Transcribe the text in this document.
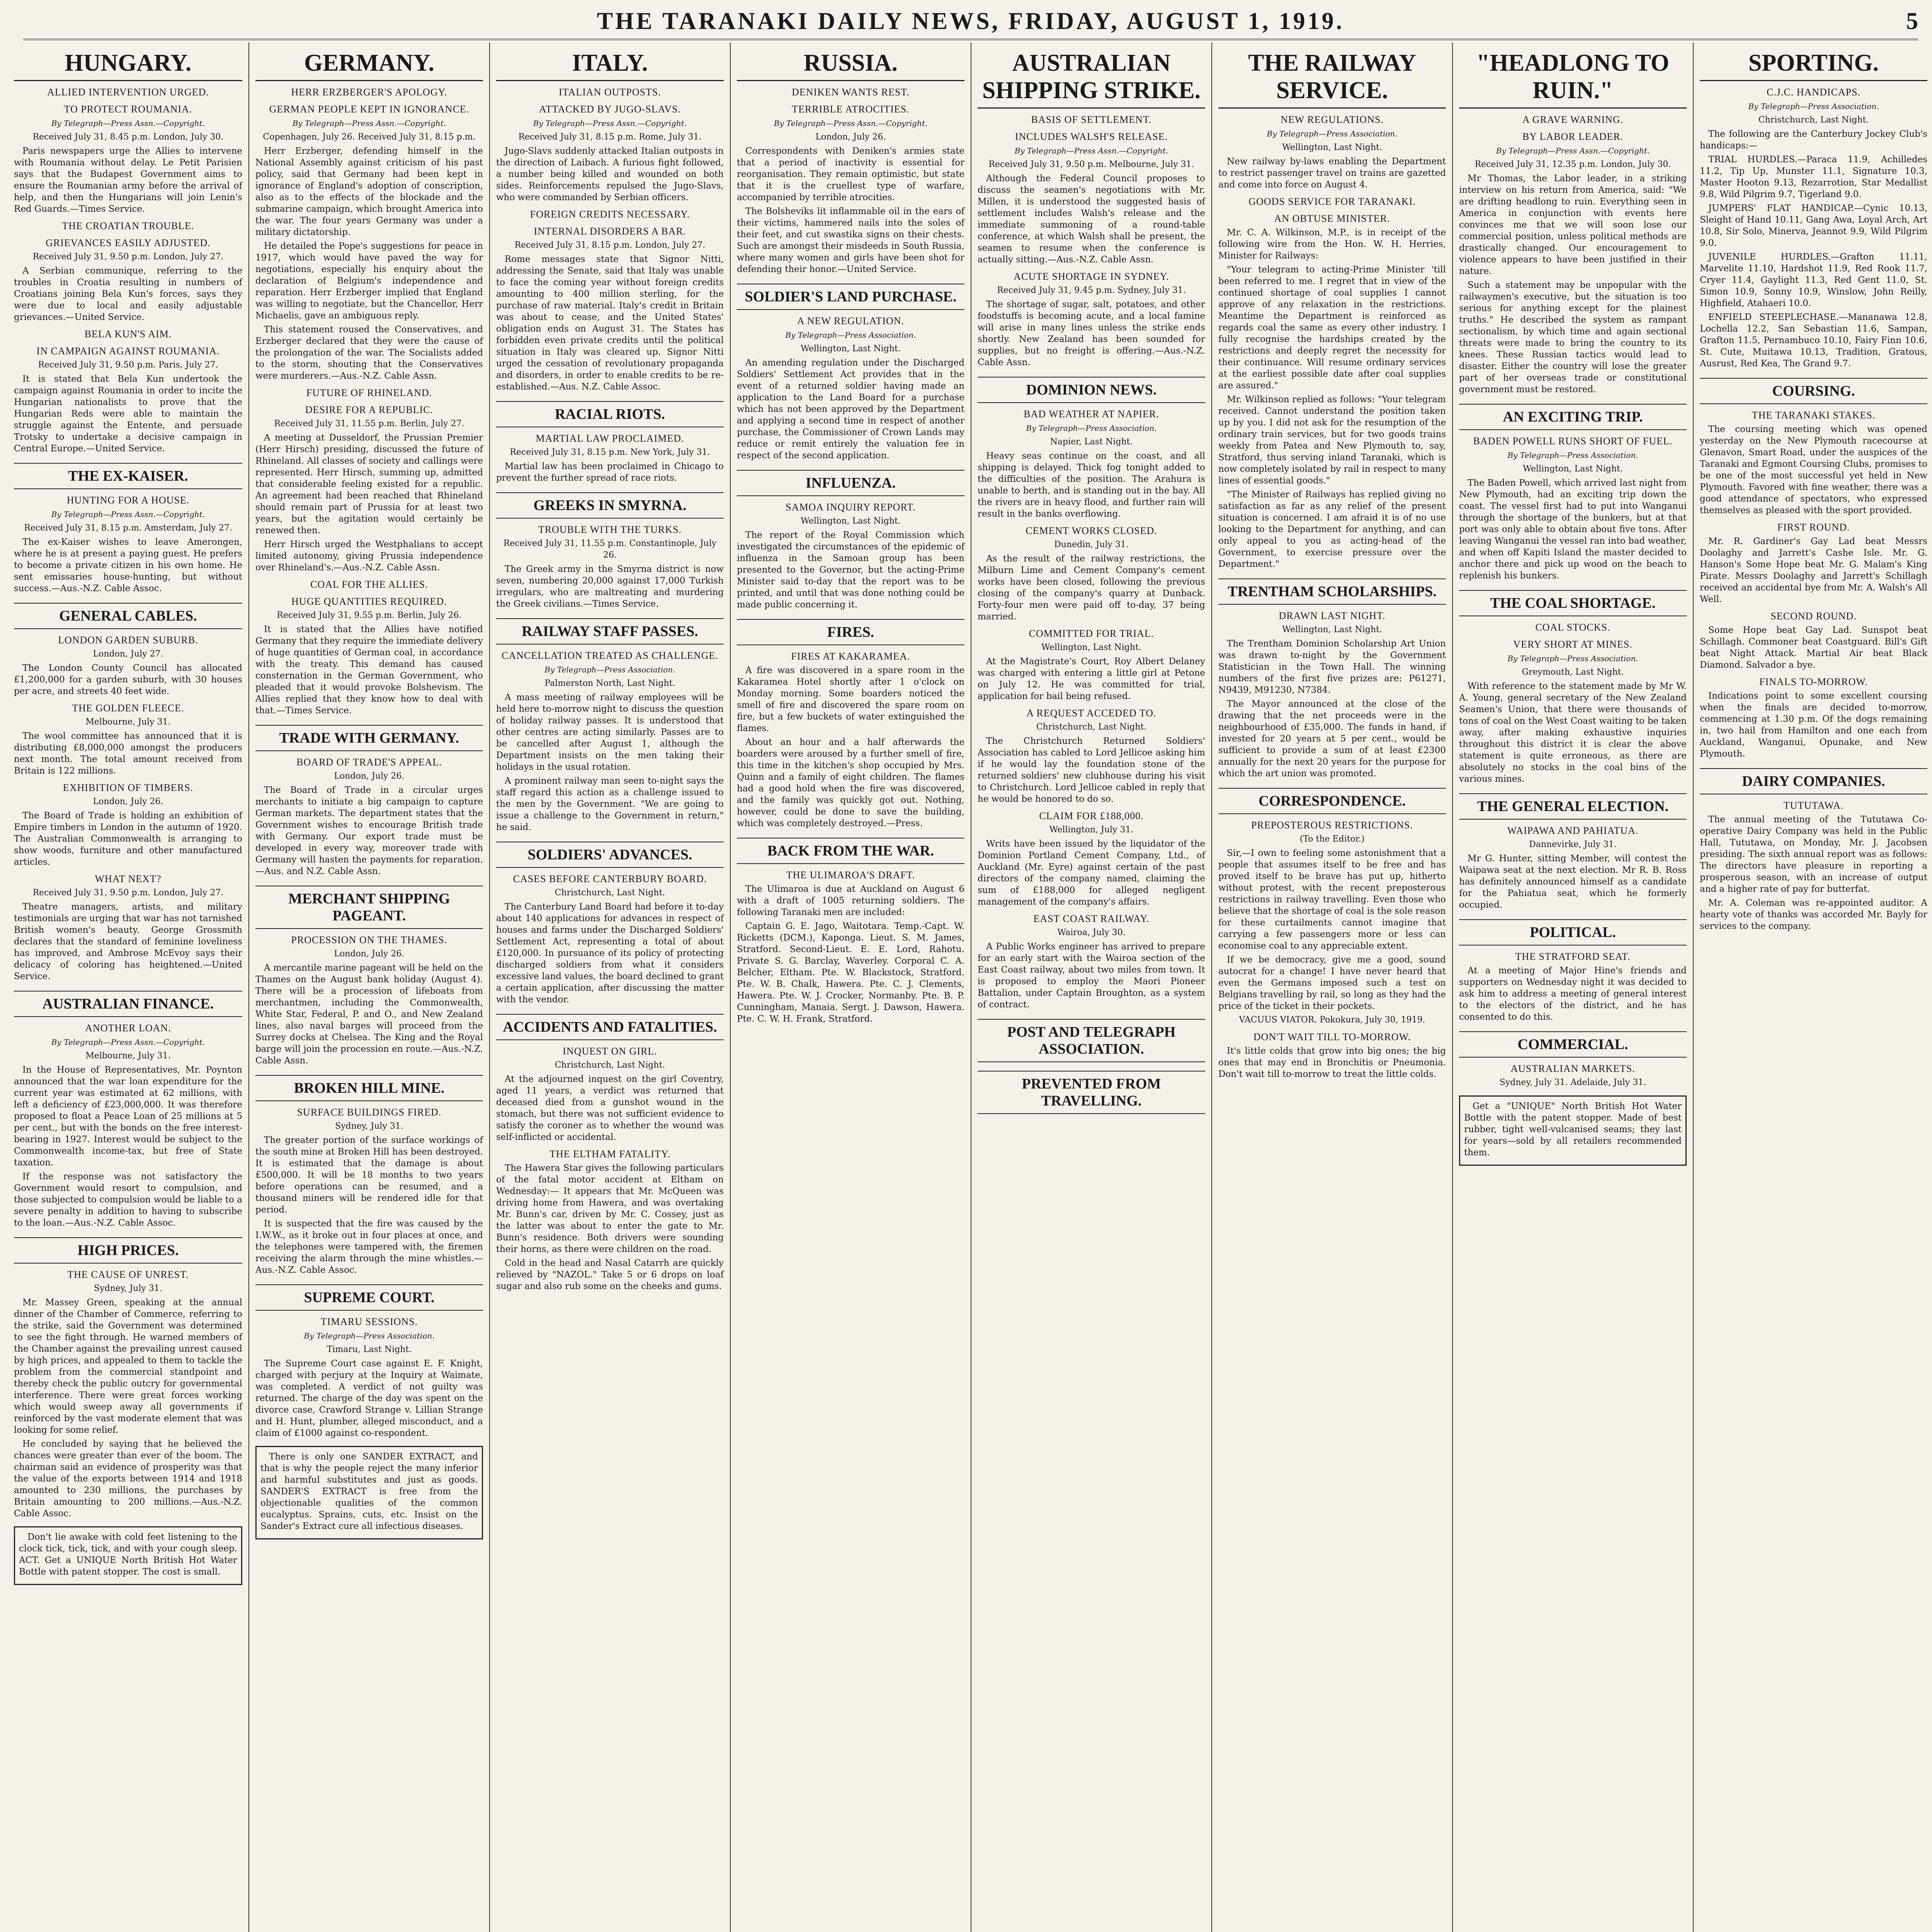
THE TARANAKI DAILY NEWS, FRIDAY, AUGUST 1, 1919.	5
HUNGARY.
ALLIED INTERVENTION URGED.
TO PROTECT ROUMANIA.

By Telegraph—Press Assn.—Copyright.

Received July 31, 8.45 p.m. London, July 30.

Paris newspapers urge the Allies to intervene with Roumania without delay. Le Petit Parisien says that the Budapest Government aims to ensure the Roumanian army before the arrival of help, and then the Hungarians will join Lenin's Red Guards.—Times Service.

THE CROATIAN TROUBLE.
GRIEVANCES EASILY ADJUSTED.

Received July 31, 9.50 p.m. London, July 27.

A Serbian communique, referring to the troubles in Croatia resulting in numbers of Croatians joining Bela Kun's forces, says they were due to local and easily adjustable grievances.—United Service.

BELA KUN'S AIM.
IN CAMPAIGN AGAINST ROUMANIA.

Received July 31, 9.50 p.m. Paris, July 27.

It is stated that Bela Kun undertook the campaign against Roumania in order to incite the Hungarian nationalists to prove that the Hungarian Reds were able to maintain the struggle against the Entente, and persuade Trotsky to undertake a decisive campaign in Central Europe.—United Service.

THE EX-KAISER.
HUNTING FOR A HOUSE.

By Telegraph—Press Assn.—Copyright.

Received July 31, 8.15 p.m. Amsterdam, July 27.

The ex-Kaiser wishes to leave Amerongen, where he is at present a paying guest. He prefers to become a private citizen in his own home. He sent emissaries house-hunting, but without success.—Aus.-N.Z. Cable Assoc.

GENERAL CABLES.
LONDON GARDEN SUBURB.

London, July 27.

The London County Council has allocated £1,200,000 for a garden suburb, with 30 houses per acre, and streets 40 feet wide.

THE GOLDEN FLEECE.

Melbourne, July 31.

The wool committee has announced that it is distributing £8,000,000 amongst the producers next month. The total amount received from Britain is 122 millions.

EXHIBITION OF TIMBERS.

London, July 26.

The Board of Trade is holding an exhibition of Empire timbers in London in the autumn of 1920. The Australian Commonwealth is arranging to show woods, furniture and other manufactured articles.

WHAT NEXT?

Received July 31, 9.50 p.m. London, July 27.

Theatre managers, artists, and military testimonials are urging that war has not tarnished British women's beauty. George Grossmith declares that the standard of feminine loveliness has improved, and Ambrose McEvoy says their delicacy of coloring has heightened.—United Service.

AUSTRALIAN FINANCE.
ANOTHER LOAN.

By Telegraph—Press Assn.—Copyright.

Melbourne, July 31.

In the House of Representatives, Mr. Poynton announced that the war loan expenditure for the current year was estimated at 62 millions, with left a deficiency of £23,000,000. It was therefore proposed to float a Peace Loan of 25 millions at 5 per cent., but with the bonds on the free interest-bearing in 1927. Interest would be subject to the Commonwealth income-tax, but free of State taxation.

If the response was not satisfactory the Government would resort to compulsion, and those subjected to compulsion would be liable to a severe penalty in addition to having to subscribe to the loan.—Aus.-N.Z. Cable Assoc.

HIGH PRICES.
THE CAUSE OF UNREST.

Sydney, July 31.

Mr. Massey Green, speaking at the annual dinner of the Chamber of Commerce, referring to the strike, said the Government was determined to see the fight through. He warned members of the Chamber against the prevailing unrest caused by high prices, and appealed to them to tackle the problem from the commercial standpoint and thereby check the public outcry for governmental interference. There were great forces working which would sweep away all governments if reinforced by the vast moderate element that was looking for some relief.

He concluded by saying that he believed the chances were greater than ever of the boom. The chairman said an evidence of prosperity was that the value of the exports between 1914 and 1918 amounted to 230 millions, the purchases by Britain amounting to 200 millions.—Aus.-N.Z. Cable Assoc.

Don't lie awake with cold feet listening to the clock tick, tick, tick, and with your cough sleep. ACT. Get a UNIQUE North British Hot Water Bottle with patent stopper. The cost is small.

GERMANY.
HERR ERZBERGER'S APOLOGY.
GERMAN PEOPLE KEPT IN IGNORANCE.

By Telegraph—Press Assn.—Copyright.

Copenhagen, July 26. Received July 31, 8.15 p.m.

Herr Erzberger, defending himself in the National Assembly against criticism of his past policy, said that Germany had been kept in ignorance of England's adoption of conscription, also as to the effects of the blockade and the submarine campaign, which brought America into the war. The four years Germany was under a military dictatorship.

He detailed the Pope's suggestions for peace in 1917, which would have paved the way for negotiations, especially his enquiry about the declaration of Belgium's independence and reparation. Herr Erzberger implied that England was willing to negotiate, but the Chancellor, Herr Michaelis, gave an ambiguous reply.

This statement roused the Conservatives, and Erzberger declared that they were the cause of the prolongation of the war. The Socialists added to the storm, shouting that the Conservatives were murderers.—Aus.-N.Z. Cable Assn.

FUTURE OF RHINELAND.
DESIRE FOR A REPUBLIC.

Received July 31, 11.55 p.m. Berlin, July 27.

A meeting at Dusseldorf, the Prussian Premier (Herr Hirsch) presiding, discussed the future of Rhineland. All classes of society and callings were represented. Herr Hirsch, summing up, admitted that considerable feeling existed for a republic. An agreement had been reached that Rhineland should remain part of Prussia for at least two years, but the agitation would certainly be renewed then.

Herr Hirsch urged the Westphalians to accept limited autonomy, giving Prussia independence over Rhineland's.—Aus.-N.Z. Cable Assn.

COAL FOR THE ALLIES.
HUGE QUANTITIES REQUIRED.

Received July 31, 9.55 p.m. Berlin, July 26.

It is stated that the Allies have notified Germany that they require the immediate delivery of huge quantities of German coal, in accordance with the treaty. This demand has caused consternation in the German Government, who pleaded that it would provoke Bolshevism. The Allies replied that they know how to deal with that.—Times Service.

TRADE WITH GERMANY.
BOARD OF TRADE'S APPEAL.

London, July 26.

The Board of Trade in a circular urges merchants to initiate a big campaign to capture German markets. The department states that the Government wishes to encourage British trade with Germany. Our export trade must be developed in every way, moreover trade with Germany will hasten the payments for reparation.—Aus. and N.Z. Cable Assn.

MERCHANT SHIPPING PAGEANT.
PROCESSION ON THE THAMES.

London, July 26.

A mercantile marine pageant will be held on the Thames on the August bank holiday (August 4). There will be a procession of lifeboats from merchantmen, including the Commonwealth, White Star, Federal, P. and O., and New Zealand lines, also naval barges will proceed from the Surrey docks at Chelsea. The King and the Royal barge will join the procession en route.—Aus.-N.Z. Cable Assn.

BROKEN HILL MINE.
SURFACE BUILDINGS FIRED.

Sydney, July 31.

The greater portion of the surface workings of the south mine at Broken Hill has been destroyed. It is estimated that the damage is about £500,000. It will be 18 months to two years before operations can be resumed, and a thousand miners will be rendered idle for that period.

It is suspected that the fire was caused by the I.W.W., as it broke out in four places at once, and the telephones were tampered with, the firemen receiving the alarm through the mine whistles.—Aus.-N.Z. Cable Assoc.

SUPREME COURT.
TIMARU SESSIONS.

By Telegraph—Press Association.

Timaru, Last Night.

The Supreme Court case against E. F. Knight, charged with perjury at the Inquiry at Waimate, was completed. A verdict of not guilty was returned. The charge of the day was spent on the divorce case, Crawford Strange v. Lillian Strange and H. Hunt, plumber, alleged misconduct, and a claim of £1000 against co-respondent.

There is only one SANDER EXTRACT, and that is why the people reject the many inferior and harmful substitutes and just as goods. SANDER'S EXTRACT is free from the objectionable qualities of the common eucalyptus. Sprains, cuts, etc. Insist on the Sander's Extract cure all infectious diseases.

ITALY.
ITALIAN OUTPOSTS.
ATTACKED BY JUGO-SLAVS.

By Telegraph—Press Assn.—Copyright.

Received July 31, 8.15 p.m. Rome, July 31.

Jugo-Slavs suddenly attacked Italian outposts in the direction of Laibach. A furious fight followed, a number being killed and wounded on both sides. Reinforcements repulsed the Jugo-Slavs, who were commanded by Serbian officers.

FOREIGN CREDITS NECESSARY.
INTERNAL DISORDERS A BAR.

Received July 31, 8.15 p.m. London, July 27.

Rome messages state that Signor Nitti, addressing the Senate, said that Italy was unable to face the coming year without foreign credits amounting to 400 million sterling, for the purchase of raw material. Italy's credit in Britain was about to cease, and the United States' obligation ends on August 31. The States has forbidden even private credits until the political situation in Italy was cleared up. Signor Nitti urged the cessation of revolutionary propaganda and disorders, in order to enable credits to be re-established.—Aus. N.Z. Cable Assoc.

RACIAL RIOTS.
MARTIAL LAW PROCLAIMED.

Received July 31, 8.15 p.m. New York, July 31.

Martial law has been proclaimed in Chicago to prevent the further spread of race riots.

GREEKS IN SMYRNA.
TROUBLE WITH THE TURKS.

Received July 31, 11.55 p.m. Constantinople, July 26.

The Greek army in the Smyrna district is now seven, numbering 20,000 against 17,000 Turkish irregulars, who are maltreating and murdering the Greek civilians.—Times Service.

RAILWAY STAFF PASSES.
CANCELLATION TREATED AS CHALLENGE.

By Telegraph—Press Association.

Palmerston North, Last Night.

A mass meeting of railway employees will be held here to-morrow night to discuss the question of holiday railway passes. It is understood that other centres are acting similarly. Passes are to be cancelled after August 1, although the Department insists on the men taking their holidays in the usual rotation.

A prominent railway man seen to-night says the staff regard this action as a challenge issued to the men by the Government. "We are going to issue a challenge to the Government in return," he said.

SOLDIERS' ADVANCES.
CASES BEFORE CANTERBURY BOARD.

Christchurch, Last Night.

The Canterbury Land Board had before it to-day about 140 applications for advances in respect of houses and farms under the Discharged Soldiers' Settlement Act, representing a total of about £120,000. In pursuance of its policy of protecting discharged soldiers from what it considers excessive land values, the board declined to grant a certain application, after discussing the matter with the vendor.

ACCIDENTS AND FATALITIES.
INQUEST ON GIRL.

Christchurch, Last Night.

At the adjourned inquest on the girl Coventry, aged 11 years, a verdict was returned that deceased died from a gunshot wound in the stomach, but there was not sufficient evidence to satisfy the coroner as to whether the wound was self-inflicted or accidental.

THE ELTHAM FATALITY.

The Hawera Star gives the following particulars of the fatal motor accident at Eltham on Wednesday:— It appears that Mr. McQueen was driving home from Hawera, and was overtaking Mr. Bunn's car, driven by Mr. C. Cossey, just as the latter was about to enter the gate to Mr. Bunn's residence. Both drivers were sounding their horns, as there were children on the road.

Cold in the head and Nasal Catarrh are quickly relieved by "NAZOL." Take 5 or 6 drops on loaf sugar and also rub some on the cheeks and gums.

RUSSIA.
DENIKEN WANTS REST.
TERRIBLE ATROCITIES.

By Telegraph—Press Assn.—Copyright.

London, July 26.

Correspondents with Deniken's armies state that a period of inactivity is essential for reorganisation. They remain optimistic, but state that it is the cruellest type of warfare, accompanied by terrible atrocities.

The Bolsheviks lit inflammable oil in the ears of their victims, hammered nails into the soles of their feet, and cut swastika signs on their chests. Such are amongst their misdeeds in South Russia, where many women and girls have been shot for defending their honor.—United Service.

SOLDIER'S LAND PURCHASE.
A NEW REGULATION.

By Telegraph—Press Association.

Wellington, Last Night.

An amending regulation under the Discharged Soldiers' Settlement Act provides that in the event of a returned soldier having made an application to the Land Board for a purchase which has not been approved by the Department and applying a second time in respect of another purchase, the Commissioner of Crown Lands may reduce or remit entirely the valuation fee in respect of the second application.

INFLUENZA.
SAMOA INQUIRY REPORT.

Wellington, Last Night.

The report of the Royal Commission which investigated the circumstances of the epidemic of influenza in the Samoan group has been presented to the Governor, but the acting-Prime Minister said to-day that the report was to be printed, and until that was done nothing could be made public concerning it.

FIRES.
FIRES AT KAKARAMEA.

A fire was discovered in a spare room in the Kakaramea Hotel shortly after 1 o'clock on Monday morning. Some boarders noticed the smell of fire and discovered the spare room on fire, but a few buckets of water extinguished the flames.

About an hour and a half afterwards the boarders were aroused by a further smell of fire, this time in the kitchen's shop occupied by Mrs. Quinn and a family of eight children. The flames had a good hold when the fire was discovered, and the family was quickly got out. Nothing, however, could be done to save the building, which was completely destroyed.—Press.

BACK FROM THE WAR.
THE ULIMAROA'S DRAFT.

The Ulimaroa is due at Auckland on August 6 with a draft of 1005 returning soldiers. The following Taranaki men are included:

Captain G. E. Jago, Waitotara. Temp.-Capt. W. Ricketts (DCM.), Kaponga. Lieut. S. M. James, Stratford. Second-Lieut. E. E. Lord, Rahotu. Private S. G. Barclay, Waverley. Corporal C. A. Belcher, Eltham. Pte. W. Blackstock, Stratford. Pte. W. B. Chalk, Hawera. Pte. C. J. Clements, Hawera. Pte. W. J. Crocker, Normanby. Pte. B. P. Cunningham, Manaia. Sergt. J. Dawson, Hawera. Pte. C. W. H. Frank, Stratford.

AUSTRALIAN SHIPPING STRIKE.
BASIS OF SETTLEMENT.
INCLUDES WALSH'S RELEASE.

By Telegraph—Press Assn.—Copyright.

Received July 31, 9.50 p.m. Melbourne, July 31.

Although the Federal Council proposes to discuss the seamen's negotiations with Mr. Millen, it is understood the suggested basis of settlement includes Walsh's release and the immediate summoning of a round-table conference, at which Walsh shall be present, the seamen to resume when the conference is actually sitting.—Aus.-N.Z. Cable Assn.

ACUTE SHORTAGE IN SYDNEY.

Received July 31, 9.45 p.m. Sydney, July 31.

The shortage of sugar, salt, potatoes, and other foodstuffs is becoming acute, and a local famine will arise in many lines unless the strike ends shortly. New Zealand has been sounded for supplies, but no freight is offering.—Aus.-N.Z. Cable Assn.

DOMINION NEWS.
BAD WEATHER AT NAPIER.

By Telegraph—Press Association.

Napier, Last Night.

Heavy seas continue on the coast, and all shipping is delayed. Thick fog tonight added to the difficulties of the position. The Arahura is unable to berth, and is standing out in the bay. All the rivers are in heavy flood, and further rain will result in the banks overflowing.

CEMENT WORKS CLOSED.

Dunedin, July 31.

As the result of the railway restrictions, the Milburn Lime and Cement Company's cement works have been closed, following the previous closing of the company's quarry at Dunback. Forty-four men were paid off to-day, 37 being married.

COMMITTED FOR TRIAL.

Wellington, Last Night.

At the Magistrate's Court, Roy Albert Delaney was charged with entering a little girl at Petone on July 12. He was committed for trial, application for bail being refused.

A REQUEST ACCEDED TO.

Christchurch, Last Night.

The Christchurch Returned Soldiers' Association has cabled to Lord Jellicoe asking him if he would lay the foundation stone of the returned soldiers' new clubhouse during his visit to Christchurch. Lord Jellicoe cabled in reply that he would be honored to do so.

CLAIM FOR £188,000.

Wellington, July 31.

Writs have been issued by the liquidator of the Dominion Portland Cement Company, Ltd., of Auckland (Mr. Eyre) against certain of the past directors of the company named, claiming the sum of £188,000 for alleged negligent management of the company's affairs.

EAST COAST RAILWAY.

Wairoa, July 30.

A Public Works engineer has arrived to prepare for an early start with the Wairoa section of the East Coast railway, about two miles from town. It is proposed to employ the Maori Pioneer Battalion, under Captain Broughton, as a system of contract.

POST AND TELEGRAPH ASSOCIATION.
PREVENTED FROM TRAVELLING.
THE RAILWAY SERVICE.
NEW REGULATIONS.

By Telegraph—Press Association.

Wellington, Last Night.

New railway by-laws enabling the Department to restrict passenger travel on trains are gazetted and come into force on August 4.

GOODS SERVICE FOR TARANAKI.
AN OBTUSE MINISTER.

Mr. C. A. Wilkinson, M.P., is in receipt of the following wire from the Hon. W. H. Herries, Minister for Railways:

"Your telegram to acting-Prime Minister 'till been referred to me. I regret that in view of the continued shortage of coal supplies I cannot approve of any relaxation in the restrictions. Meantime the Department is reinforced as regards coal the same as every other industry. I fully recognise the hardships created by the restrictions and deeply regret the necessity for their continuance. Will resume ordinary services at the earliest possible date after coal supplies are assured."

Mr. Wilkinson replied as follows: "Your telegram received. Cannot understand the position taken up by you. I did not ask for the resumption of the ordinary train services, but for two goods trains weekly from Patea and New Plymouth to, say, Stratford, thus serving inland Taranaki, which is now completely isolated by rail in respect to many lines of essential goods."

"The Minister of Railways has replied giving no satisfaction as far as any relief of the present situation is concerned. I am afraid it is of no use looking to the Department for anything, and can only appeal to you as acting-head of the Government, to exercise pressure over the Department."

TRENTHAM SCHOLARSHIPS.
DRAWN LAST NIGHT.

Wellington, Last Night.

The Trentham Dominion Scholarship Art Union was drawn to-night by the Government Statistician in the Town Hall. The winning numbers of the first five prizes are: P61271, N9439, M91230, N7384.

The Mayor announced at the close of the drawing that the net proceeds were in the neighbourhood of £35,000. The funds in hand, if invested for 20 years at 5 per cent., would be sufficient to provide a sum of at least £2300 annually for the next 20 years for the purpose for which the art union was promoted.

CORRESPONDENCE.
PREPOSTEROUS RESTRICTIONS.

(To the Editor.)

Sir,—I own to feeling some astonishment that a people that assumes itself to be free and has proved itself to be brave has put up, hitherto without protest, with the recent preposterous restrictions in railway travelling. Even those who believe that the shortage of coal is the sole reason for these curtailments cannot imagine that carrying a few passengers more or less can economise coal to any appreciable extent.

If we be democracy, give me a good, sound autocrat for a change! I have never heard that even the Germans imposed such a test on Belgians travelling by rail, so long as they had the price of the ticket in their pockets.

VACUUS VIATOR. Pokokura, July 30, 1919.

DON'T WAIT TILL TO-MORROW.

It's little colds that grow into big ones; the big ones that may end in Bronchitis or Pneumonia. Don't wait till to-morrow to treat the little colds.

"HEADLONG TO RUIN."
A GRAVE WARNING.
BY LABOR LEADER.

By Telegraph—Press Assn.—Copyright.

Received July 31, 12.35 p.m. London, July 30.

Mr Thomas, the Labor leader, in a striking interview on his return from America, said: "We are drifting headlong to ruin. Everything seen in America in conjunction with events here convinces me that we will soon lose our commercial position, unless political methods are drastically changed. Our encouragement to violence appears to have been justified in their nature.

Such a statement may be unpopular with the railwaymen's executive, but the situation is too serious for anything except for the plainest truths." He described the system as rampant sectionalism, by which time and again sectional threats were made to bring the country to its knees. These Russian tactics would lead to disaster. Either the country will lose the greater part of her overseas trade or constitutional government must be restored.

AN EXCITING TRIP.
BADEN POWELL RUNS SHORT OF FUEL.

By Telegraph—Press Association.

Wellington, Last Night.

The Baden Powell, which arrived last night from New Plymouth, had an exciting trip down the coast. The vessel first had to put into Wanganui through the shortage of the bunkers, but at that port was only able to obtain about five tons. After leaving Wanganui the vessel ran into bad weather, and when off Kapiti Island the master decided to anchor there and pick up wood on the beach to replenish his bunkers.

THE COAL SHORTAGE.
COAL STOCKS.
VERY SHORT AT MINES.

By Telegraph—Press Association.

Greymouth, Last Night.

With reference to the statement made by Mr W. A. Young, general secretary of the New Zealand Seamen's Union, that there were thousands of tons of coal on the West Coast waiting to be taken away, after making exhaustive inquiries throughout this district it is clear the above statement is quite erroneous, as there are absolutely no stocks in the coal bins of the various mines.

THE GENERAL ELECTION.
WAIPAWA AND PAHIATUA.

Dannevirke, July 31.

Mr G. Hunter, sitting Member, will contest the Waipawa seat at the next election. Mr R. B. Ross has definitely announced himself as a candidate for the Pahiatua seat, which he formerly occupied.

POLITICAL.
THE STRATFORD SEAT.

At a meeting of Major Hine's friends and supporters on Wednesday night it was decided to ask him to address a meeting of general interest to the electors of the district, and he has consented to do this.

COMMERCIAL.
AUSTRALIAN MARKETS.

Sydney, July 31. Adelaide, July 31.

Get a "UNIQUE" North British Hot Water Bottle with the patent stopper. Made of best rubber, tight well-vulcanised seams; they last for years—sold by all retailers recommended them.

SPORTING.
C.J.C. HANDICAPS.

By Telegraph—Press Association.

Christchurch, Last Night.

The following are the Canterbury Jockey Club's handicaps:—

TRIAL HURDLES.—Paraca 11.9, Achilledes 11.2, Tip Up, Munster 11.1, Signature 10.3, Master Hooton 9.13, Rezarrotion, Star Medallist 9.8, Wild Pilgrim 9.7, Tigerland 9.0.

JUMPERS' FLAT HANDICAP.—Cynic 10.13, Sleight of Hand 10.11, Gang Awa, Loyal Arch, Art 10.8, Sir Solo, Minerva, Jeannot 9.9, Wild Pilgrim 9.0.

JUVENILE HURDLES.—Grafton 11.11, Marvelite 11.10, Hardshot 11.9, Red Rook 11.7, Cryer 11.4, Gaylight 11.3, Red Gent 11.0, St. Simon 10.9, Sonny 10.9, Winslow, John Reilly, Highfield, Atahaeri 10.0.

ENFIELD STEEPLECHASE.—Mananawa 12.8, Lochella 12.2, San Sebastian 11.6, Sampan, Grafton 11.5, Pernambuco 10.10, Fairy Finn 10.6, St. Cute, Muitawa 10.13, Tradition, Gratous, Ausrust, Red Kea, The Grand 9.7.

COURSING.
THE TARANAKI STAKES.

The coursing meeting which was opened yesterday on the New Plymouth racecourse at Glenavon, Smart Road, under the auspices of the Taranaki and Egmont Coursing Clubs, promises to be one of the most successful yet held in New Plymouth. Favored with fine weather, there was a good attendance of spectators, who expressed themselves as pleased with the sport provided.

FIRST ROUND.

Mr. R. Gardiner's Gay Lad beat Messrs Doolaghy and Jarrett's Cashe Isle. Mr. G. Hanson's Some Hope beat Mr. G. Malam's King Pirate. Messrs Doolaghy and Jarrett's Schillagh received an accidental bye from Mr. A. Walsh's All Well.

SECOND ROUND.

Some Hope beat Gay Lad. Sunspot beat Schillagh. Commoner beat Coastguard. Bill's Gift beat Night Attack. Martial Air beat Black Diamond. Salvador a bye.

FINALS TO-MORROW.

Indications point to some excellent coursing when the finals are decided to-morrow, commencing at 1.30 p.m. Of the dogs remaining in, two hail from Hamilton and one each from Auckland, Wanganui, Opunake, and New Plymouth.

DAIRY COMPANIES.
TUTUTAWA.

The annual meeting of the Tututawa Co-operative Dairy Company was held in the Public Hall, Tututawa, on Monday, Mr. J. Jacobsen presiding. The sixth annual report was as follows: The directors have pleasure in reporting a prosperous season, with an increase of output and a higher rate of pay for butterfat.

Mr. A. Coleman was re-appointed auditor. A hearty vote of thanks was accorded Mr. Bayly for services to the company.
